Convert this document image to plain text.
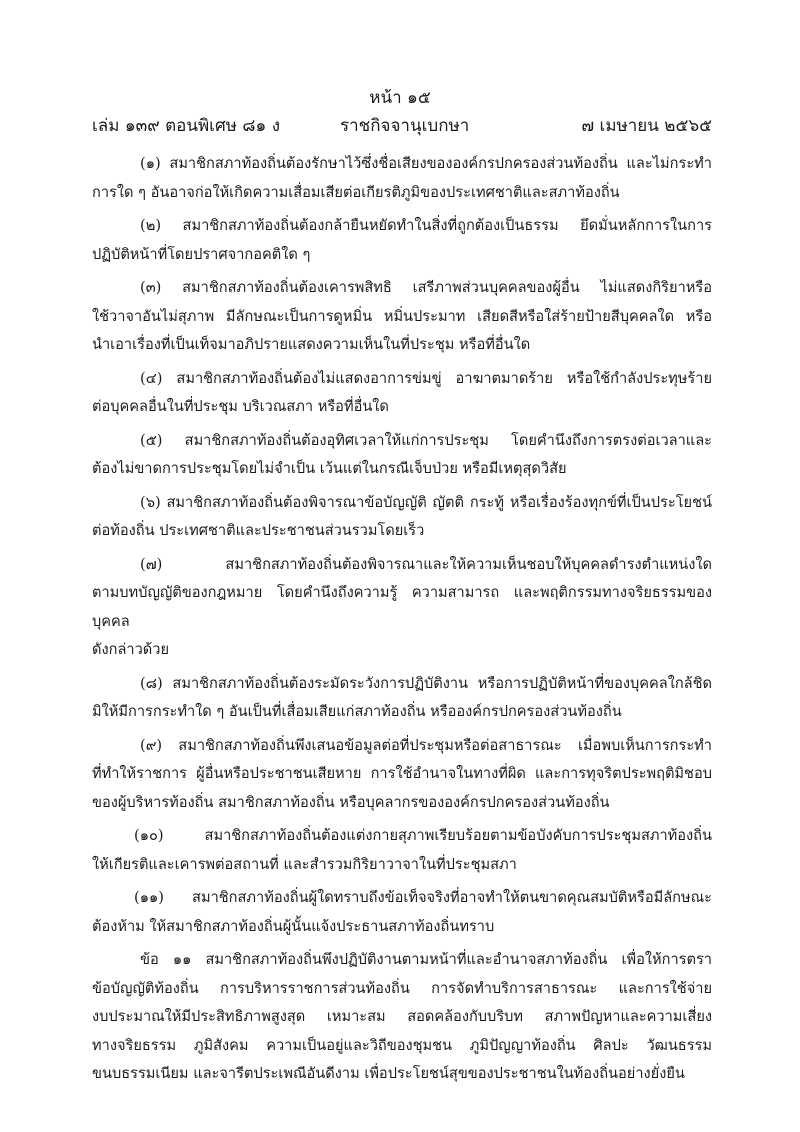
หน้า ๑๕
เล่ม ๑๓๙ ตอนพิเศษ ๘๑ ง	ราชกิจจานุเบกษา	๗ เมษายน ๒๕๖๕
(๑) สมาชิกสภาท้องถิ่นต้องรักษาไว้ซึ่งชื่อเสียงขององค์กรปกครองส่วนท้องถิ่น และไม่กระทำ
การใด ๆ อันอาจก่อให้เกิดความเสื่อมเสียต่อเกียรติภูมิของประเทศชาติและสภาท้องถิ่น
(๒) สมาชิกสภาท้องถิ่นต้องกล้ายืนหยัดทำในสิ่งที่ถูกต้องเป็นธรรม ยึดมั่นหลักการในการ
ปฏิบัติหน้าที่โดยปราศจากอคติใด ๆ
(๓) สมาชิกสภาท้องถิ่นต้องเคารพสิทธิ เสรีภาพส่วนบุคคลของผู้อื่น ไม่แสดงกิริยาหรือ
ใช้วาจาอันไม่สุภาพ มีลักษณะเป็นการดูหมิ่น หมิ่นประมาท เสียดสีหรือใส่ร้ายป้ายสีบุคคลใด หรือ
นำเอาเรื่องที่เป็นเท็จมาอภิปรายแสดงความเห็นในที่ประชุม หรือที่อื่นใด
(๔) สมาชิกสภาท้องถิ่นต้องไม่แสดงอาการข่มขู่ อาฆาตมาดร้าย หรือใช้กำลังประทุษร้าย
ต่อบุคคลอื่นในที่ประชุม บริเวณสภา หรือที่อื่นใด
(๕) สมาชิกสภาท้องถิ่นต้องอุทิศเวลาให้แก่การประชุม โดยคำนึงถึงการตรงต่อเวลาและ
ต้องไม่ขาดการประชุมโดยไม่จำเป็น เว้นแต่ในกรณีเจ็บป่วย หรือมีเหตุสุดวิสัย
(๖) สมาชิกสภาท้องถิ่นต้องพิจารณาข้อบัญญัติ ญัตติ กระทู้ หรือเรื่องร้องทุกข์ที่เป็นประโยชน์
ต่อท้องถิ่น ประเทศชาติและประชาชนส่วนรวมโดยเร็ว
(๗) สมาชิกสภาท้องถิ่นต้องพิจารณาและให้ความเห็นชอบให้บุคคลดำรงตำแหน่งใด
ตามบทบัญญัติของกฎหมาย โดยคำนึงถึงความรู้ ความสามารถ และพฤติกรรมทางจริยธรรมของบุคคล
ดังกล่าวด้วย
(๘) สมาชิกสภาท้องถิ่นต้องระมัดระวังการปฏิบัติงาน หรือการปฏิบัติหน้าที่ของบุคคลใกล้ชิด
มิให้มีการกระทำใด ๆ อันเป็นที่เสื่อมเสียแก่สภาท้องถิ่น หรือองค์กรปกครองส่วนท้องถิ่น
(๙) สมาชิกสภาท้องถิ่นพึงเสนอข้อมูลต่อที่ประชุมหรือต่อสาธารณะ เมื่อพบเห็นการกระทำ
ที่ทำให้ราชการ ผู้อื่นหรือประชาชนเสียหาย การใช้อำนาจในทางที่ผิด และการทุจริตประพฤติมิชอบ
ของผู้บริหารท้องถิ่น สมาชิกสภาท้องถิ่น หรือบุคลากรขององค์กรปกครองส่วนท้องถิ่น
(๑๐) สมาชิกสภาท้องถิ่นต้องแต่งกายสุภาพเรียบร้อยตามข้อบังคับการประชุมสภาท้องถิ่น
ให้เกียรติและเคารพต่อสถานที่ และสำรวมกิริยาวาจาในที่ประชุมสภา
(๑๑) สมาชิกสภาท้องถิ่นผู้ใดทราบถึงข้อเท็จจริงที่อาจทำให้ตนขาดคุณสมบัติหรือมีลักษณะ
ต้องห้าม ให้สมาชิกสภาท้องถิ่นผู้นั้นแจ้งประธานสภาท้องถิ่นทราบ
ข้อ ๑๑ สมาชิกสภาท้องถิ่นพึงปฏิบัติงานตามหน้าที่และอำนาจสภาท้องถิ่น เพื่อให้การตรา
ข้อบัญญัติท้องถิ่น การบริหารราชการส่วนท้องถิ่น การจัดทำบริการสาธารณะ และการใช้จ่าย
งบประมาณให้มีประสิทธิภาพสูงสุด เหมาะสม สอดคล้องกับบริบท สภาพปัญหาและความเสี่ยง
ทางจริยธรรม ภูมิสังคม ความเป็นอยู่และวิถีของชุมชน ภูมิปัญญาท้องถิ่น ศิลปะ วัฒนธรรม
ขนบธรรมเนียม และจารีตประเพณีอันดีงาม เพื่อประโยชน์สุขของประชาชนในท้องถิ่นอย่างยั่งยืน
